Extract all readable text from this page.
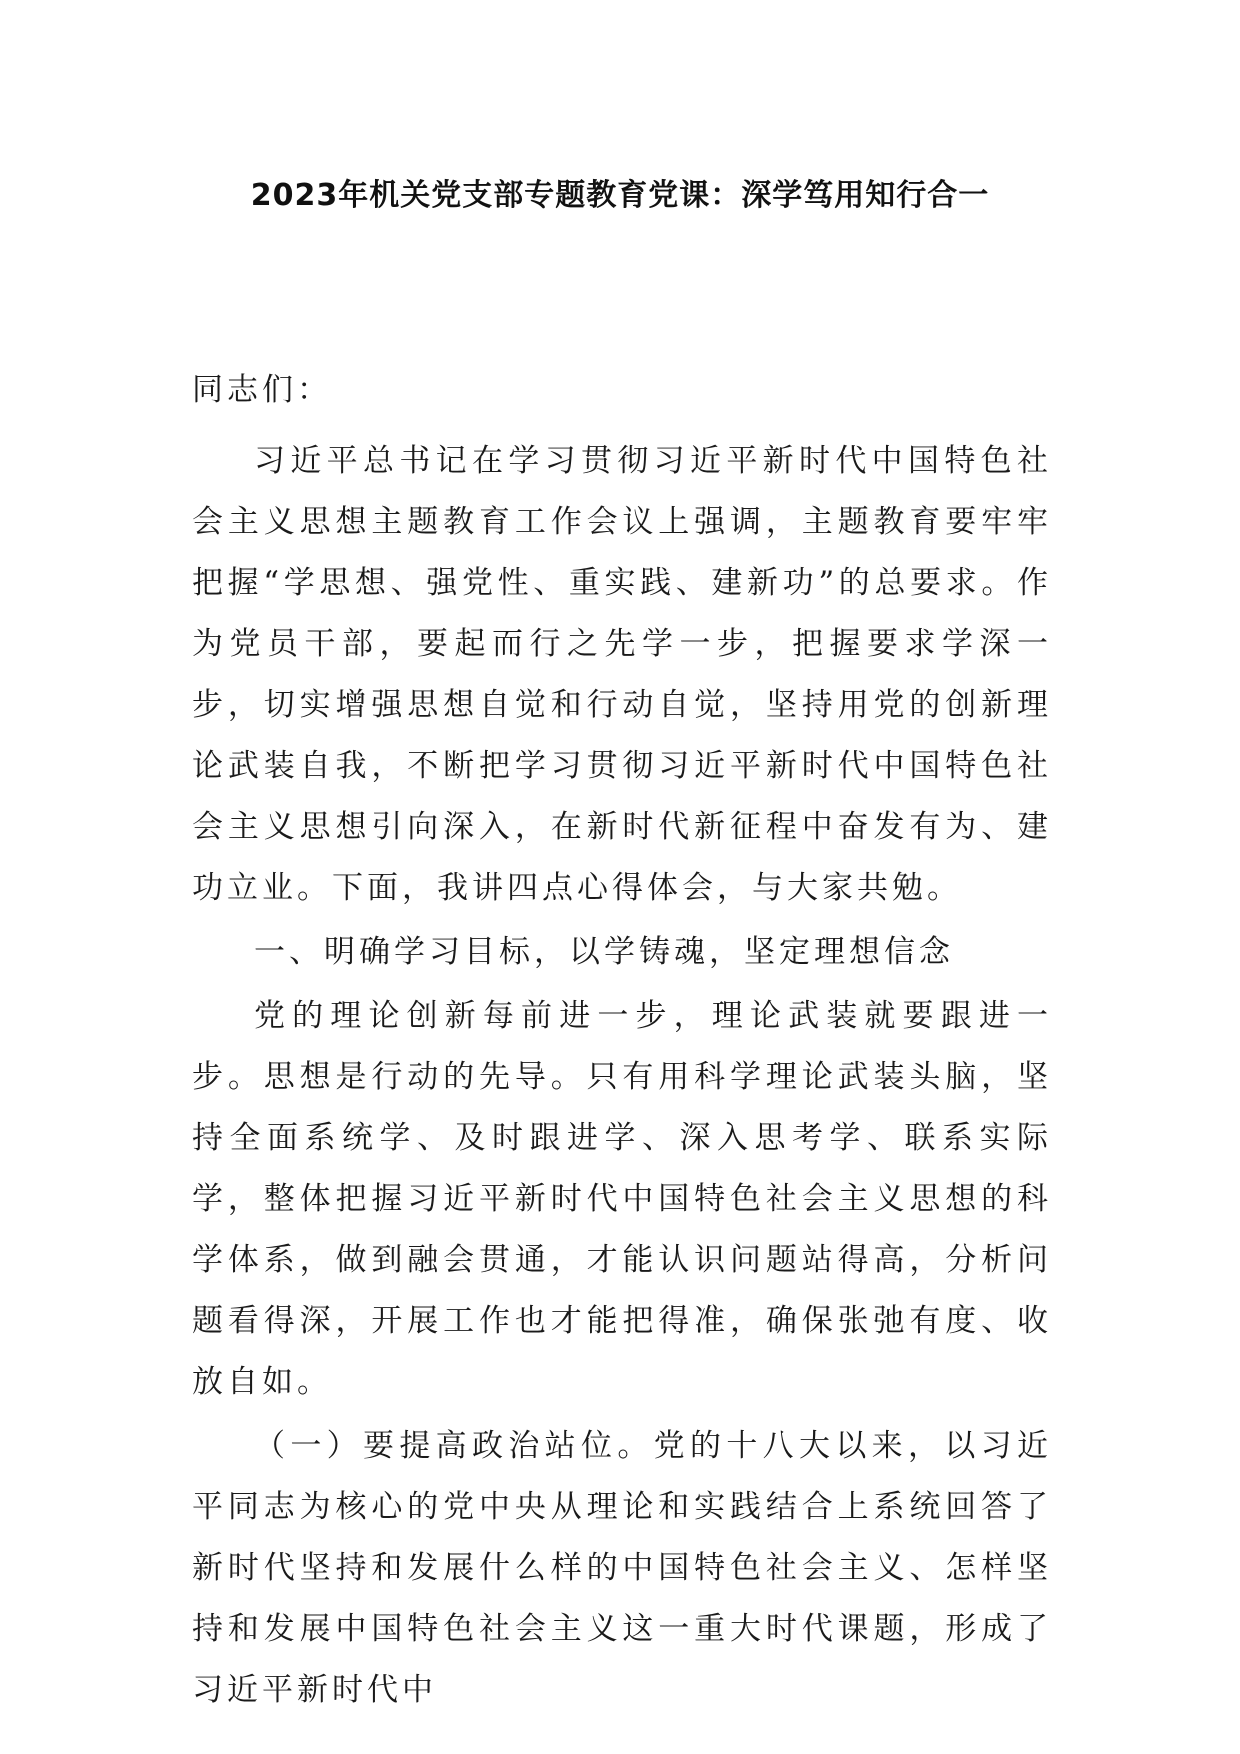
2023年机关党支部专题教育党课：深学笃用知行合一

同志们：

习近平总书记在学习贯彻习近平新时代中国特色社会主义思想主题教育工作会议上强调，主题教育要牢牢把握“学思想、强党性、重实践、建新功”的总要求。作为党员干部，要起而行之先学一步，把握要求学深一步，切实增强思想自觉和行动自觉，坚持用党的创新理论武装自我，不断把学习贯彻习近平新时代中国特色社会主义思想引向深入，在新时代新征程中奋发有为、建功立业。下面，我讲四点心得体会，与大家共勉。

一、明确学习目标，以学铸魂，坚定理想信念

党的理论创新每前进一步，理论武装就要跟进一步。思想是行动的先导。只有用科学理论武装头脑，坚持全面系统学、及时跟进学、深入思考学、联系实际学，整体把握习近平新时代中国特色社会主义思想的科学体系，做到融会贯通，才能认识问题站得高，分析问题看得深，开展工作也才能把得准，确保张弛有度、收放自如。

（一）要提高政治站位。党的十八大以来，以习近平同志为核心的党中央从理论和实践结合上系统回答了新时代坚持和发展什么样的中国特色社会主义、怎样坚持和发展中国特色社会主义这一重大时代课题，形成了习近平新时代中
